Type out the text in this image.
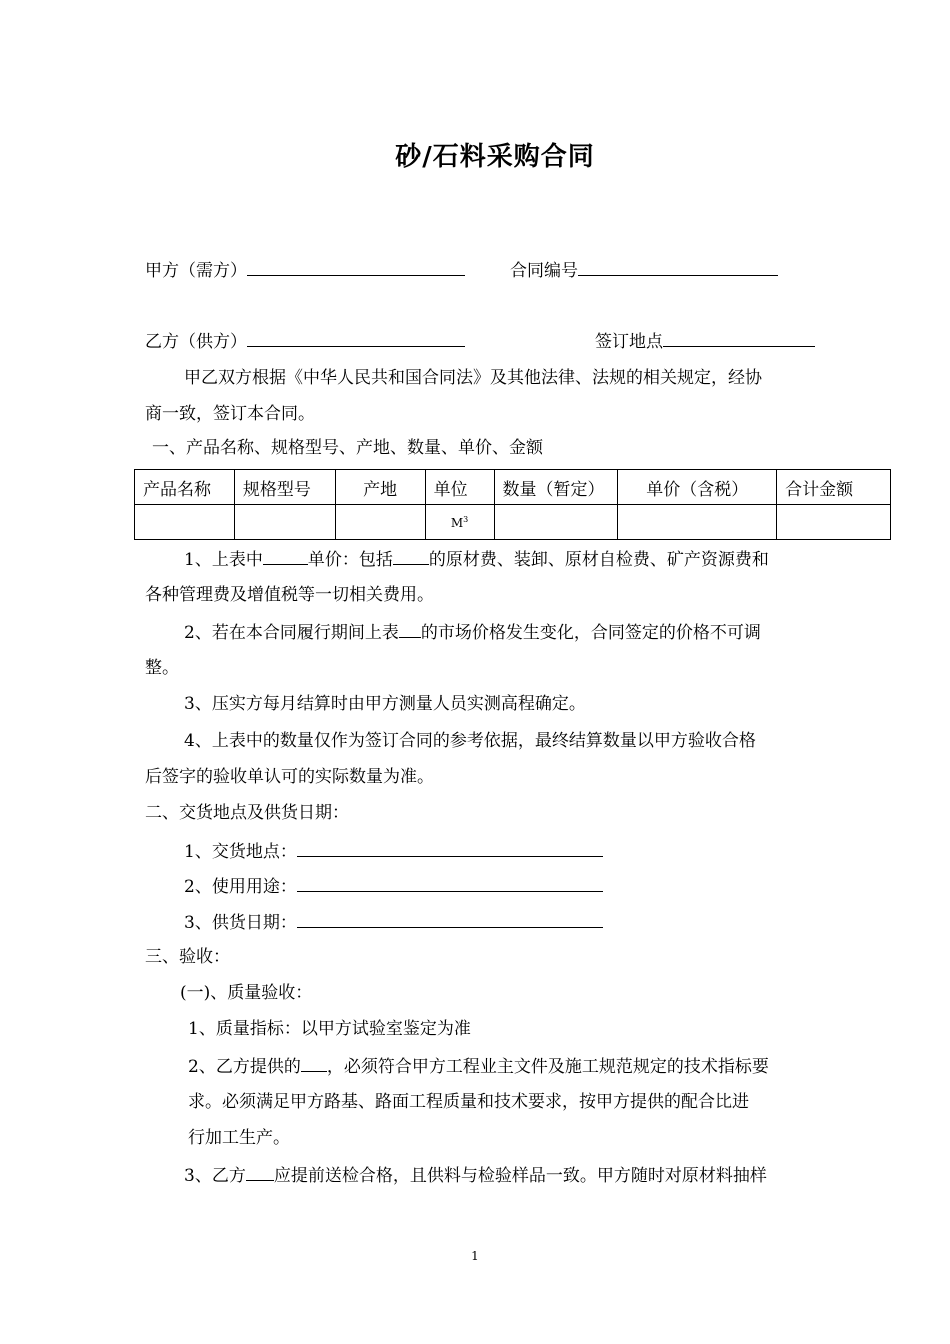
砂/石料采购合同
甲方（需方）	合同编号
乙方（供方）	签订地点
甲乙双方根据《中华人民共和国合同法》及其他法律、法规的相关规定，经协
商一致，签订本合同。
一、产品名称、规格型号、产地、数量、单价、金额
产品名称	规格型号	产地	单位	数量（暂定）	单价（含税）	合计金额
			$M^3$			
1、上表中	单价：包括 的原材费、装卸、原材自检费、矿产资源费和
各种管理费及增值税等一切相关费用。
2、若在本合同履行期间上表 的市场价格发生变化，合同签定的价格不可调
整。
3、压实方每月结算时由甲方测量人员实测高程确定。
4、上表中的数量仅作为签订合同的参考依据，最终结算数量以甲方验收合格
后签字的验收单认可的实际数量为准。
二、交货地点及供货日期：
1、交货地点：
2、使用用途：
3、供货日期：
三、验收：
(一)、质量验收：
1、质量指标：以甲方试验室鉴定为准
2、乙方提供的 ，必须符合甲方工程业主文件及施工规范规定的技术指标要
求。必须满足甲方路基、路面工程质量和技术要求，按甲方提供的配合比进
行加工生产。
3、乙方 应提前送检合格，且供料与检验样品一致。甲方随时对原材料抽样
1
